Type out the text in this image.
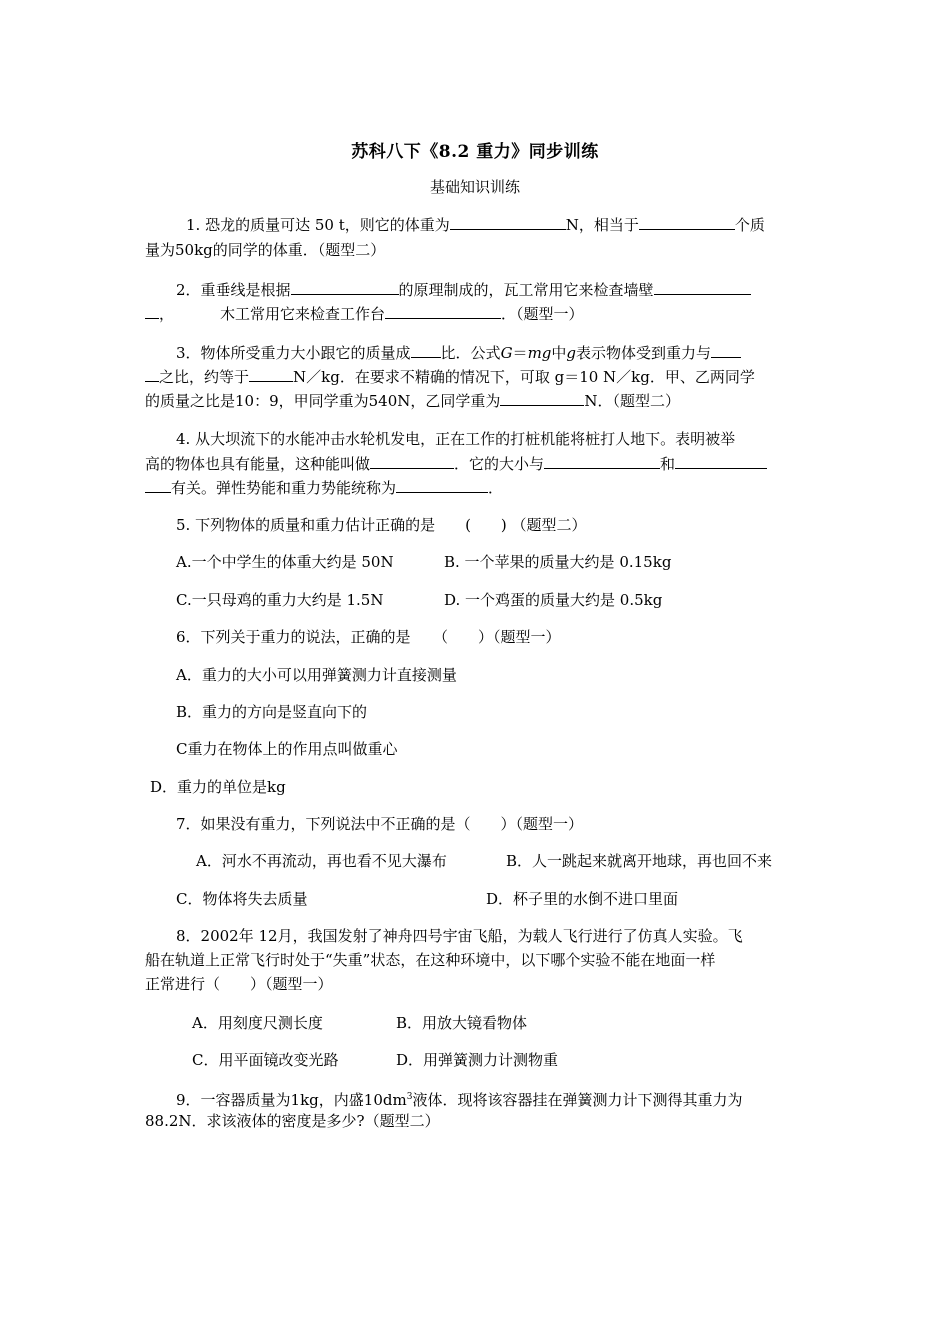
苏科八下《8.2 重力》同步训练
基础知识训练
1. 恐龙的质量可达 50 t，则它的体重为	N，相当于	个质
量为50kg的同学的体重．（题型二）
2．重垂线是根据	的原理制成的，瓦工常用它来检查墙壁
，	木工常用它来检查工作台	．（题型一）
3．物体所受重力大小跟它的质量成 比．公式G＝mg中g表示物体受到重力与
之比，约等于	N／kg．在要求不精确的情况下，可取 g＝10 N／kg．甲、乙两同学
的质量之比是10：9，甲同学重为540N，乙同学重为	N．（题型二）
4. 从大坝流下的水能冲击水轮机发电，正在工作的打桩机能将桩打人地下。表明被举
高的物体也具有能量，这种能叫做	．它的大小与	和
有关。弹性势能和重力势能统称为	．
5. 下列物体的质量和重力估计正确的是　　(　　) （题型二）
A.一个中学生的体重大约是 50N	B. 一个苹果的质量大约是 0.15kg
C.一只母鸡的重力大约是 1.5N	D. 一个鸡蛋的质量大约是 0.5kg
6．下列关于重力的说法，正确的是　　（　　）（题型一）
A．重力的大小可以用弹簧测力计直接测量
B．重力的方向是竖直向下的
C重力在物体上的作用点叫做重心
D．重力的单位是kg
7．如果没有重力，下列说法中不正确的是（　　）（题型一）
A．河水不再流动，再也看不见大瀑布	B．人一跳起来就离开地球，再也回不来
C．物体将失去质量	D．杯子里的水倒不进口里面
8．2002年 12月，我国发射了神舟四号宇宙飞船，为载人飞行进行了仿真人实验。飞
船在轨道上正常飞行时处于“失重”状态，在这种环境中，以下哪个实验不能在地面一样
正常进行（　　）（题型一）
A．用刻度尺测长度	B．用放大镜看物体
C．用平面镜改变光路	D．用弹簧测力计测物重
9．一容器质量为1kg，内盛$10dm^3$液体．现将该容器挂在弹簧测力计下测得其重力为
88.2N．求该液体的密度是多少?（题型二）
